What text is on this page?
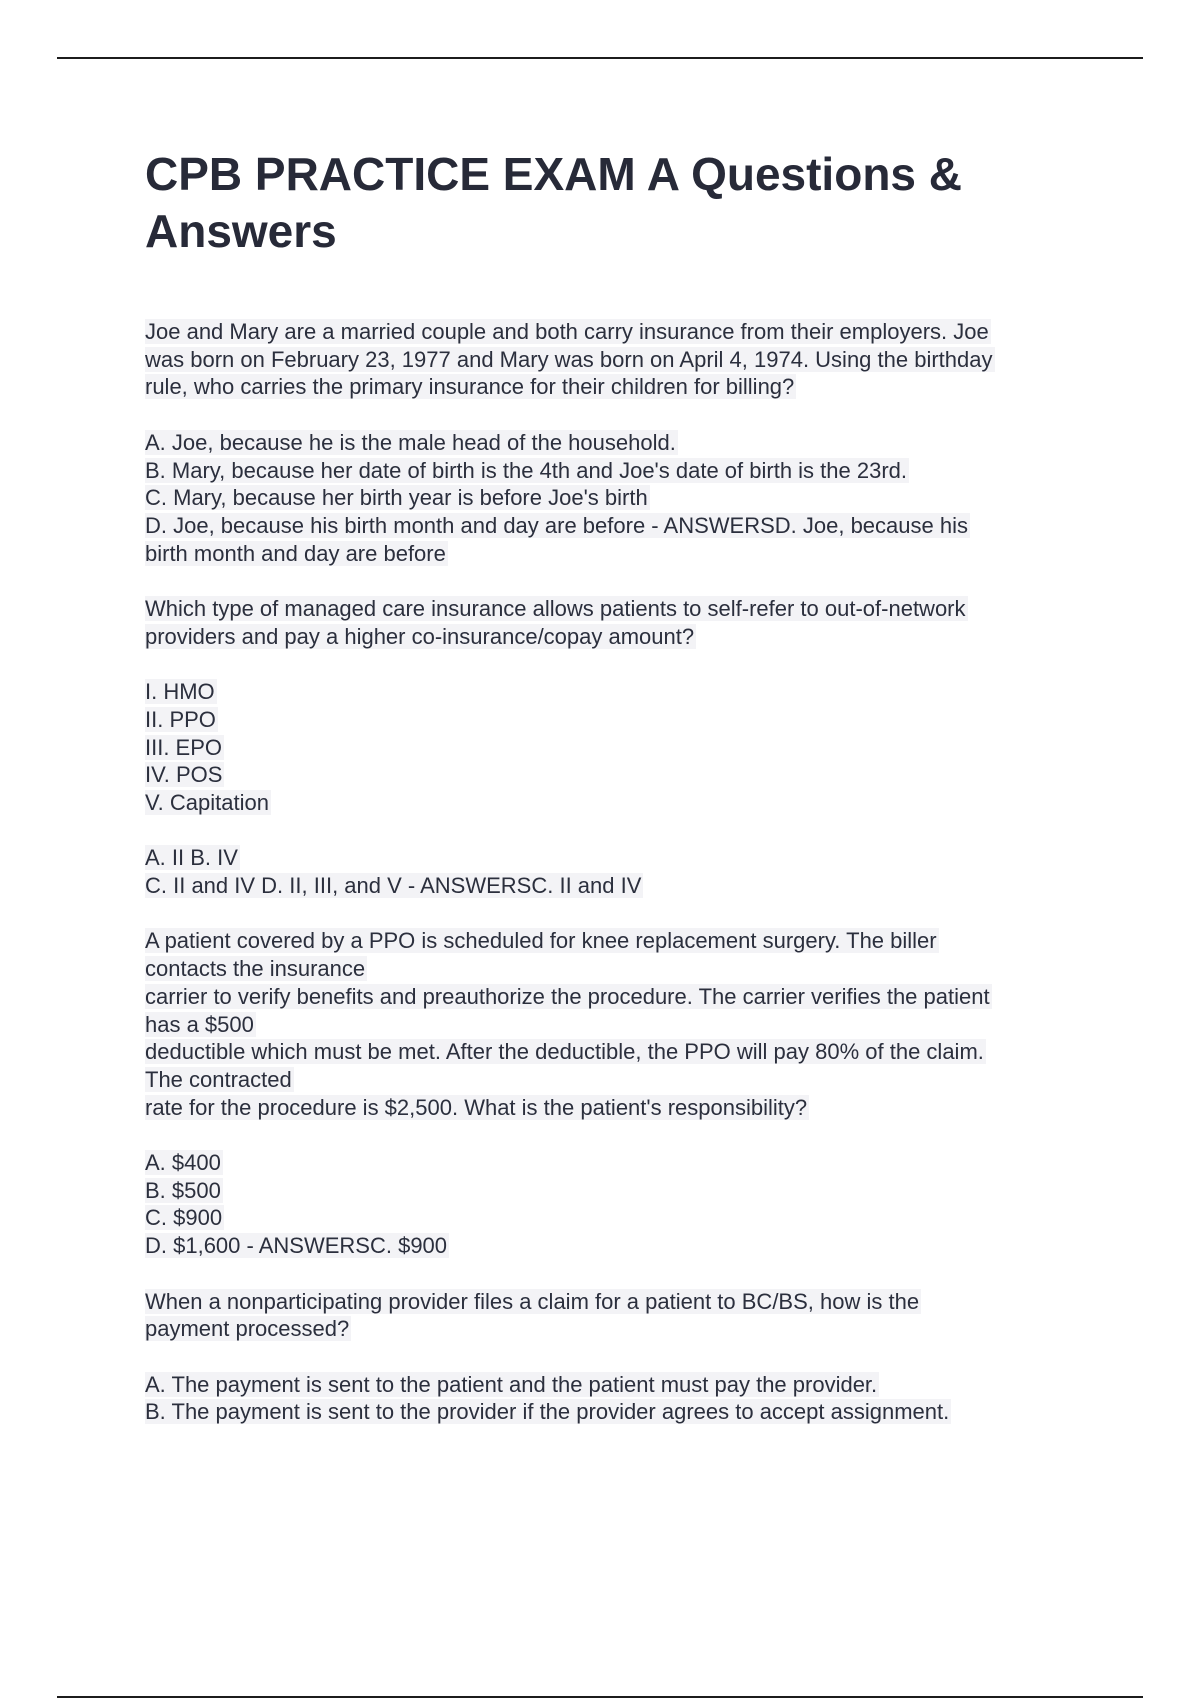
CPB PRACTICE EXAM A Questions &
Answers
Joe and Mary are a married couple and both carry insurance from their employers. Joe
was born on February 23, 1977 and Mary was born on April 4, 1974. Using the birthday
rule, who carries the primary insurance for their children for billing?
A. Joe, because he is the male head of the household.
B. Mary, because her date of birth is the 4th and Joe's date of birth is the 23rd.
C. Mary, because her birth year is before Joe's birth
D. Joe, because his birth month and day are before - ANSWERSD. Joe, because his
birth month and day are before
Which type of managed care insurance allows patients to self-refer to out-of-network
providers and pay a higher co-insurance/copay amount?
I. HMO
II. PPO
III. EPO
IV. POS
V. Capitation
A. II B. IV
C. II and IV D. II, III, and V - ANSWERSC. II and IV
A patient covered by a PPO is scheduled for knee replacement surgery. The biller
contacts the insurance
carrier to verify benefits and preauthorize the procedure. The carrier verifies the patient
has a $500
deductible which must be met. After the deductible, the PPO will pay 80% of the claim.
The contracted
rate for the procedure is $2,500. What is the patient's responsibility?
A. $400
B. $500
C. $900
D. $1,600 - ANSWERSC. $900
When a nonparticipating provider files a claim for a patient to BC/BS, how is the
payment processed?
A. The payment is sent to the patient and the patient must pay the provider.
B. The payment is sent to the provider if the provider agrees to accept assignment.
